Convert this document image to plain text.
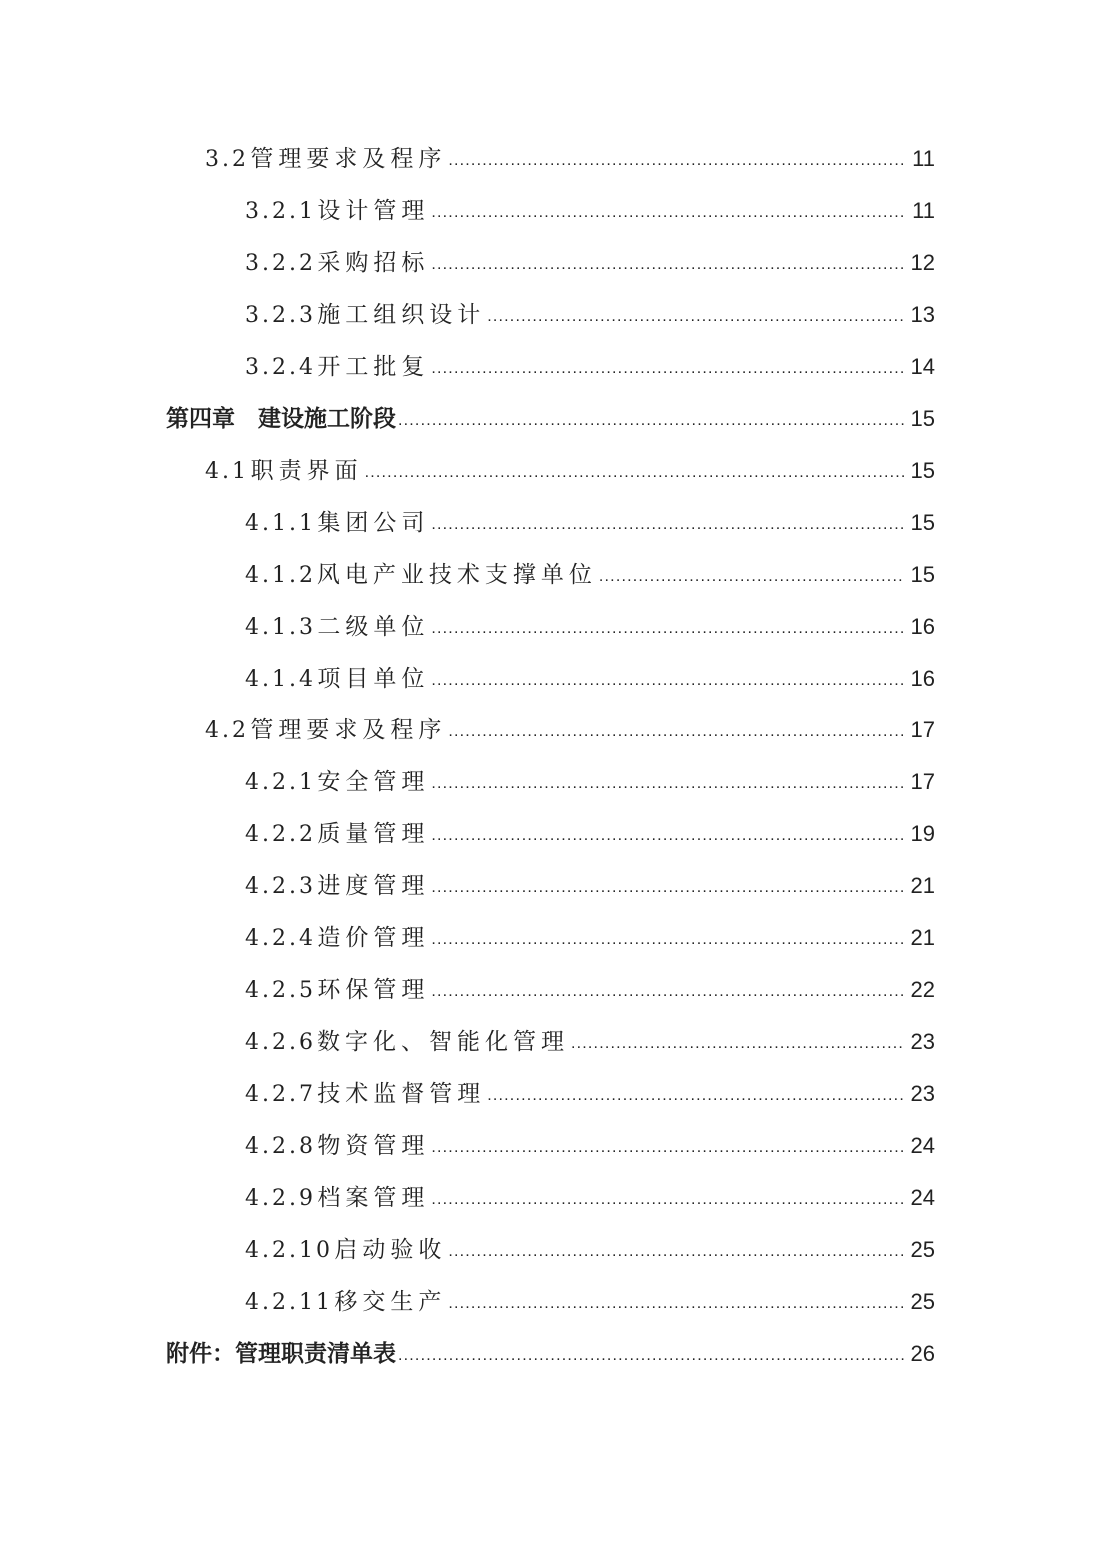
3.2 管理要求及程序 .....	11
3.2.1 设计管理 .....	11
3.2.2 采购招标 .....	12
3.2.3 施工组织设计 .....	13
3.2.4 开工批复 .....	14
第四章　建设施工阶段 .....	15
4.1 职责界面 .....	15
4.1.1 集团公司 .....	15
4.1.2 风电产业技术支撑单位 .....	15
4.1.3 二级单位 .....	16
4.1.4 项目单位 .....	16
4.2 管理要求及程序 .....	17
4.2.1 安全管理 .....	17
4.2.2 质量管理 .....	19
4.2.3 进度管理 .....	21
4.2.4 造价管理 .....	21
4.2.5 环保管理 .....	22
4.2.6 数字化、智能化管理 .....	23
4.2.7 技术监督管理 .....	23
4.2.8 物资管理 .....	24
4.2.9 档案管理 .....	24
4.2.10 启动验收 .....	25
4.2.11 移交生产 .....	25
附件：管理职责清单表 .....	26
